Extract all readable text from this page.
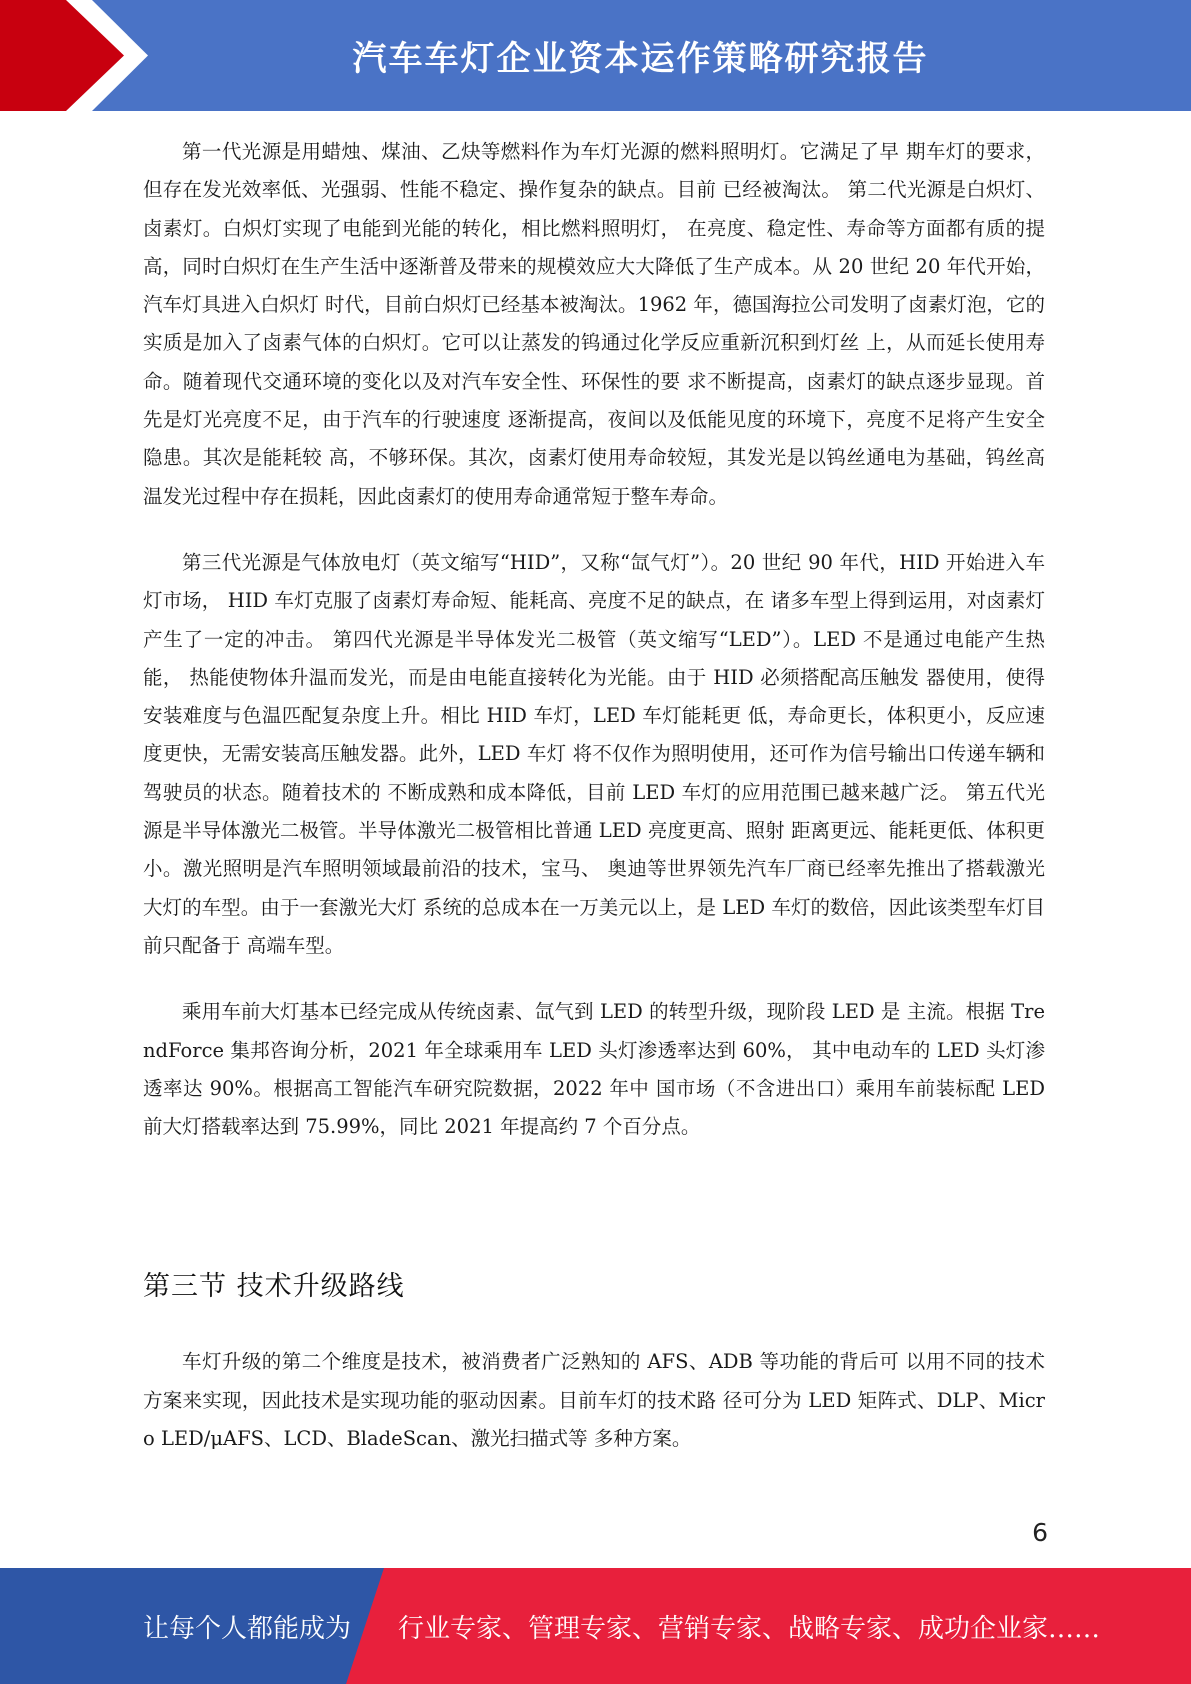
汽车车灯企业资本运作策略研究报告

第一代光源是用蜡烛、煤油、乙炔等燃料作为车灯光源的燃料照明灯。它满足了早 期车灯的要求，但存在发光效率低、光强弱、性能不稳定、操作复杂的缺点。目前 已经被淘汰。 第二代光源是白炽灯、卤素灯。白炽灯实现了电能到光能的转化，相比燃料照明灯， 在亮度、稳定性、寿命等方面都有质的提高，同时白炽灯在生产生活中逐渐普及带来的规模效应大大降低了生产成本。从 20 世纪 20 年代开始，汽车灯具进入白炽灯 时代，目前白炽灯已经基本被淘汰。1962 年，德国海拉公司发明了卤素灯泡，它的 实质是加入了卤素气体的白炽灯。它可以让蒸发的钨通过化学反应重新沉积到灯丝 上，从而延长使用寿命。随着现代交通环境的变化以及对汽车安全性、环保性的要 求不断提高，卤素灯的缺点逐步显现。首先是灯光亮度不足，由于汽车的行驶速度 逐渐提高，夜间以及低能见度的环境下，亮度不足将产生安全隐患。其次是能耗较 高，不够环保。其次，卤素灯使用寿命较短，其发光是以钨丝通电为基础，钨丝高 温发光过程中存在损耗，因此卤素灯的使用寿命通常短于整车寿命。

第三代光源是气体放电灯（英文缩写“HID”，又称“氙气灯”）。20 世纪 90 年代，HID 开始进入车灯市场， HID 车灯克服了卤素灯寿命短、能耗高、亮度不足的缺点，在 诸多车型上得到运用，对卤素灯产生了一定的冲击。 第四代光源是半导体发光二极管（英文缩写“LED”）。LED 不是通过电能产生热能， 热能使物体升温而发光，而是由电能直接转化为光能。由于 HID 必须搭配高压触发 器使用，使得安装难度与色温匹配复杂度上升。相比 HID 车灯，LED 车灯能耗更 低，寿命更长，体积更小，反应速度更快，无需安装高压触发器。此外，LED 车灯 将不仅作为照明使用，还可作为信号输出口传递车辆和驾驶员的状态。随着技术的 不断成熟和成本降低，目前 LED 车灯的应用范围已越来越广泛。 第五代光源是半导体激光二极管。半导体激光二极管相比普通 LED 亮度更高、照射 距离更远、能耗更低、体积更小。激光照明是汽车照明领域最前沿的技术，宝马、 奥迪等世界领先汽车厂商已经率先推出了搭载激光大灯的车型。由于一套激光大灯 系统的总成本在一万美元以上，是 LED 车灯的数倍，因此该类型车灯目前只配备于 高端车型。

乘用车前大灯基本已经完成从传统卤素、氙气到 LED 的转型升级，现阶段 LED 是 主流。根据 TrendForce 集邦咨询分析，2021 年全球乘用车 LED 头灯渗透率达到 60%， 其中电动车的 LED 头灯渗透率达 90%。根据高工智能汽车研究院数据，2022 年中 国市场（不含进出口）乘用车前装标配 LED 前大灯搭载率达到 75.99%，同比 2021 年提高约 7 个百分点。

第三节 技术升级路线

车灯升级的第二个维度是技术，被消费者广泛熟知的 AFS、ADB 等功能的背后可 以用不同的技术方案来实现，因此技术是实现功能的驱动因素。目前车灯的技术路 径可分为 LED 矩阵式、DLP、Micro LED/μAFS、LCD、BladeScan、激光扫描式等 多种方案。

6
让每个人都能成为 行业专家、管理专家、营销专家、战略专家、成功企业家……
